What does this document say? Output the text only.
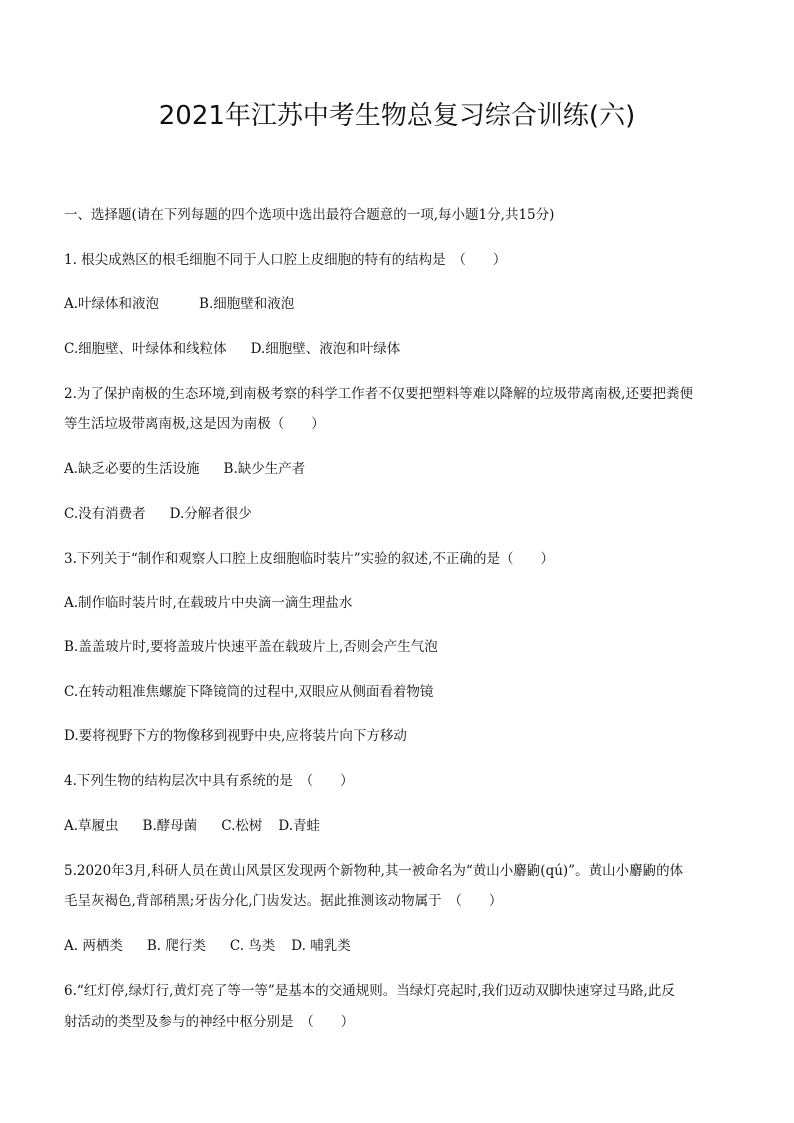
2021年江苏中考生物总复习综合训练(六)
一、选择题(请在下列每题的四个选项中选出最符合题意的一项,每小题1分,共15分)
1. 根尖成熟区的根毛细胞不同于人口腔上皮细胞的特有的结构是　（　　）
A.叶绿体和液泡	B.细胞壁和液泡
C.细胞壁、叶绿体和线粒体 D.细胞壁、液泡和叶绿体
2.为了保护南极的生态环境,到南极考察的科学工作者不仅要把塑料等难以降解的垃圾带离南极,还要把粪便
等生活垃圾带离南极,这是因为南极（　　）
A.缺乏必要的生活设施 B.缺少生产者
C.没有消费者 D.分解者很少
3.下列关于“制作和观察人口腔上皮细胞临时装片”实验的叙述,不正确的是（　　）
A.制作临时装片时,在载玻片中央滴一滴生理盐水
B.盖盖玻片时,要将盖玻片快速平盖在载玻片上,否则会产生气泡
C.在转动粗准焦螺旋下降镜筒的过程中,双眼应从侧面看着物镜
D.要将视野下方的物像移到视野中央,应将装片向下方移动
4.下列生物的结构层次中具有系统的是　（　　）
A.草履虫 B.酵母菌 C.松树 D.青蛙
5.2020年3月,科研人员在黄山风景区发现两个新物种,其一被命名为“黄山小麝鼩(qú)”。黄山小麝鼩的体
毛呈灰褐色,背部稍黑;牙齿分化,门齿发达。据此推测该动物属于　（　　）
A. 两栖类 B. 爬行类 C. 鸟类 D. 哺乳类
6.“红灯停,绿灯行,黄灯亮了等一等”是基本的交通规则。当绿灯亮起时,我们迈动双脚快速穿过马路,此反
射活动的类型及参与的神经中枢分别是　（　　）
